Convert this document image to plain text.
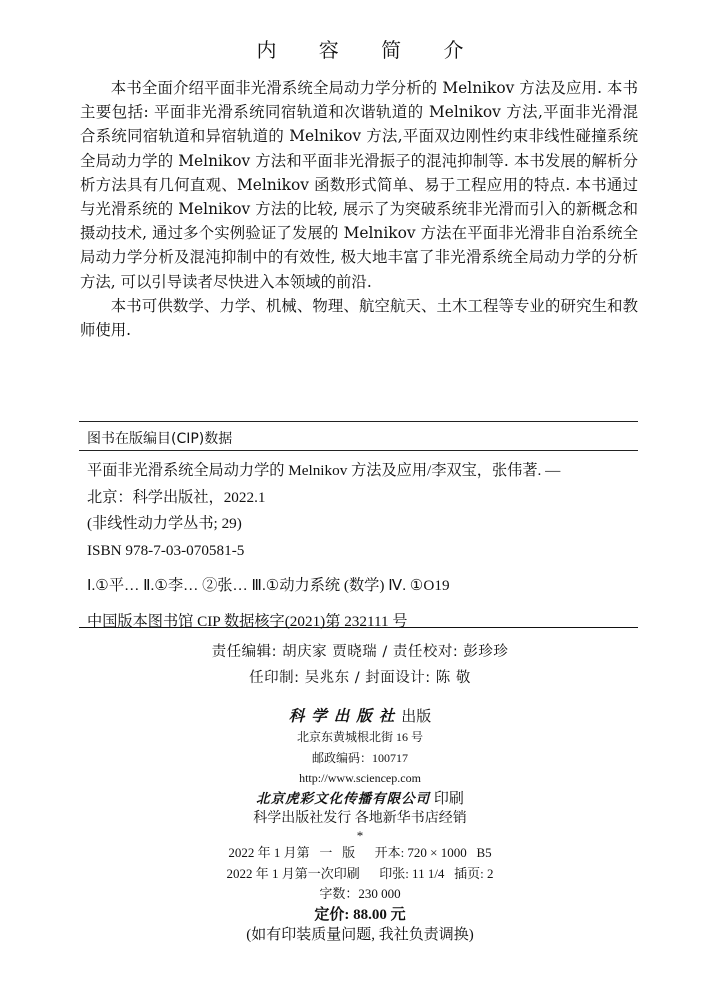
内 容 简 介

本书全面介绍平面非光滑系统全局动力学分析的 Melnikov 方法及应用. 本书主要包括: 平面非光滑系统同宿轨道和次谐轨道的 Melnikov 方法,平面非光滑混合系统同宿轨道和异宿轨道的 Melnikov 方法,平面双边刚性约束非线性碰撞系统全局动力学的 Melnikov 方法和平面非光滑振子的混沌抑制等. 本书发展的解析分析方法具有几何直观、Melnikov 函数形式简单、易于工程应用的特点. 本书通过与光滑系统的 Melnikov 方法的比较, 展示了为突破系统非光滑而引入的新概念和摄动技术, 通过多个实例验证了发展的 Melnikov 方法在平面非光滑非自治系统全局动力学分析及混沌抑制中的有效性, 极大地丰富了非光滑系统全局动力学的分析方法, 可以引导读者尽快进入本领域的前沿.

本书可供数学、力学、机械、物理、航空航天、土木工程等专业的研究生和教师使用.

图书在版编目(CIP)数据
平面非光滑系统全局动力学的 Melnikov 方法及应用/李双宝，张伟著. —
北京：科学出版社，2022.1
(非线性动力学丛书; 29)
ISBN 978-7-03-070581-5
Ⅰ.①平… Ⅱ.①李… ②张… Ⅲ.①动力系统 (数学) Ⅳ. ①O19
中国版本图书馆 CIP 数据核字(2021)第 232111 号
责任编辑: 胡庆家 贾晓瑞 / 责任校对: 彭珍珍
任印制: 吴兆东 / 封面设计: 陈 敬
科学出版社出版
北京东黄城根北街 16 号
邮政编码：100717
http://www.sciencep.com
北京虎彩文化传播有限公司 印刷
科学出版社发行 各地新华书店经销
*
2022 年 1 月第   一   版      开本: 720 × 1000   B5
2022 年 1 月第一次印刷      印张: 11 1/4   插页: 2
字数：230 000
定价: 88.00 元
(如有印装质量问题, 我社负责调换)
